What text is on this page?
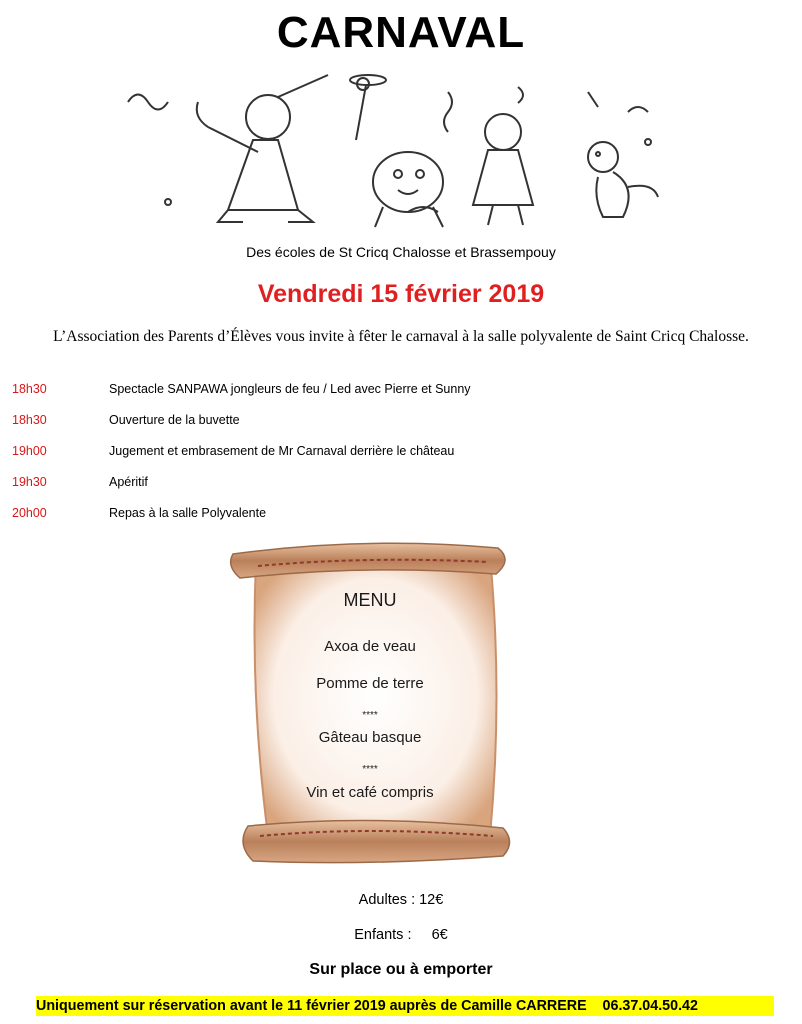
CARNAVAL
Des écoles de St Cricq Chalosse et Brassempouy
Vendredi 15 février 2019
L’Association des Parents d’Élèves vous invite à fêter le carnaval à la salle polyvalente de Saint Cricq Chalosse.
18h30	Spectacle SANPAWA jongleurs de feu / Led avec Pierre et Sunny
18h30	Ouverture de la buvette
19h00	Jugement et embrasement de Mr Carnaval derrière le château
19h30	Apéritif
20h00	Repas à la salle Polyvalente
MENU
Axoa de veau
Pomme de terre
****
Gâteau basque
****
Vin et café compris
Adultes : 12€
Enfants :     6€
Sur place ou à emporter
Uniquement sur réservation avant le 11 février 2019 auprès de Camille CARRERE    06.37.04.50.42
